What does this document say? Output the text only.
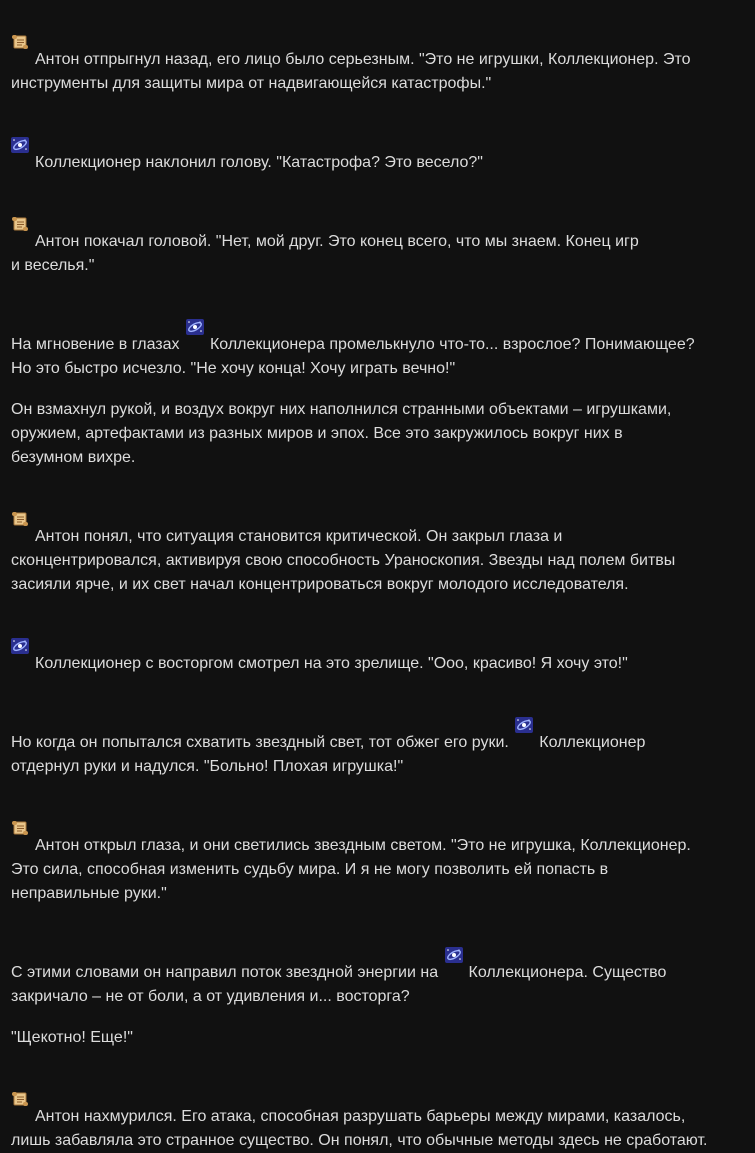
Антон отпрыгнул назад, его лицо было серьезным. "Это не игрушки, Коллекционер. Это
инструменты для защиты мира от надвигающейся катастрофы."

Коллекционер наклонил голову. "Катастрофа? Это весело?"

Антон покачал головой. "Нет, мой друг. Это конец всего, что мы знаем. Конец игр
и веселья."
На мгновение в глазах

Коллекционера промелькнуло что-то... взрослое? Понимающее?
Но это быстро исчезло. "Не хочу конца! Хочу играть вечно!"
Он взмахнул рукой, и воздух вокруг них наполнился странными объектами – игрушками,
оружием, артефактами из разных миров и эпох. Все это закружилось вокруг них в
безумном вихре.

Антон понял, что ситуация становится критической. Он закрыл глаза и
сконцентрировался, активируя свою способность Ураноскопия. Звезды над полем битвы
засияли ярче, и их свет начал концентрироваться вокруг молодого исследователя.

Коллекционер с восторгом смотрел на это зрелище. "Ооо, красиво! Я хочу это!"
Но когда он попытался схватить звездный свет, тот обжег его руки.

Коллекционер
отдернул руки и надулся. "Больно! Плохая игрушка!"

Антон открыл глаза, и они светились звездным светом. "Это не игрушка, Коллекционер.
Это сила, способная изменить судьбу мира. И я не могу позволить ей попасть в
неправильные руки."
С этими словами он направил поток звездной энергии на

Коллекционера. Существо
закричало – не от боли, а от удивления и... восторга?
"Щекотно! Еще!"

Антон нахмурился. Его атака, способная разрушать барьеры между мирами, казалось,
лишь забавляла это странное существо. Он понял, что обычные методы здесь не сработают.
